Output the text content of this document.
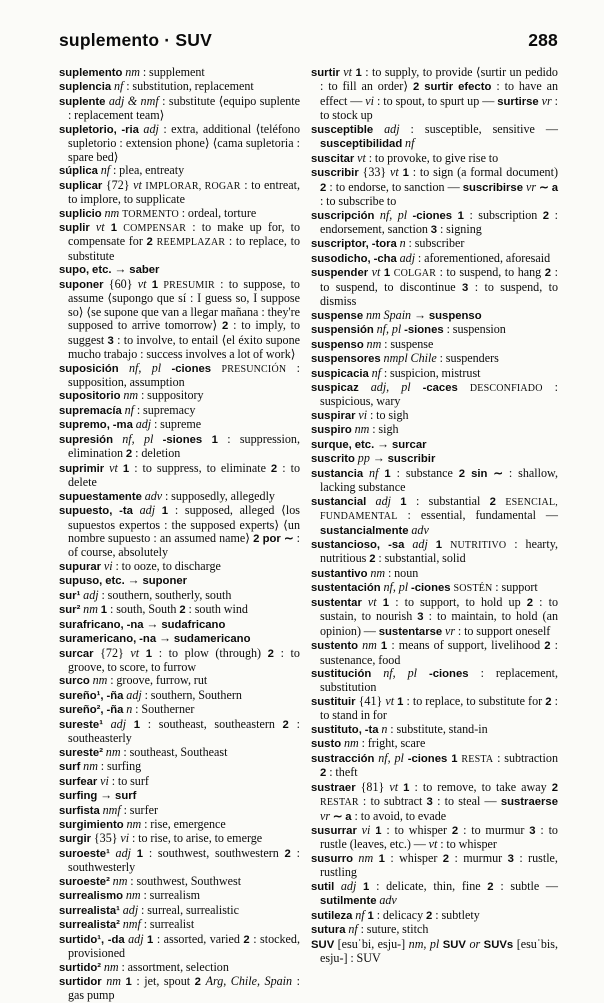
suplemento · SUV	288

suplemento nm : supplement

suplencia nf : substitution, replacement

suplente adj & nmf : substitute ⟨equipo suplente : replacement team⟩

supletorio, -ria adj : extra, additional ⟨teléfono supletorio : extension phone⟩ ⟨cama supletoria : spare bed⟩

súplica nf : plea, entreaty

suplicar {72} vt IMPLORAR, ROGAR : to entreat, to implore, to supplicate

suplicio nm TORMENTO : ordeal, torture

suplir vt 1 COMPENSAR : to make up for, to compensate for 2 REEMPLAZAR : to replace, to substitute

supo, etc. → saber

suponer {60} vt 1 PRESUMIR : to suppose, to assume ⟨supongo que sí : I guess so, I suppose so⟩ ⟨se supone que van a llegar mañana : they're supposed to arrive tomorrow⟩ 2 : to imply, to suggest 3 : to involve, to entail ⟨el éxito supone mucho trabajo : success involves a lot of work⟩

suposición nf, pl -ciones PRESUNCIÓN : supposition, assumption

supositorio nm : suppository

supremacía nf : supremacy

supremo, -ma adj : supreme

supresión nf, pl -siones 1 : suppression, elimination 2 : deletion

suprimir vt 1 : to suppress, to eliminate 2 : to delete

supuestamente adv : supposedly, allegedly

supuesto, -ta adj 1 : supposed, alleged ⟨los supuestos expertos : the supposed experts⟩ ⟨un nombre supuesto : an assumed name⟩ 2 por ∼ : of course, absolutely

supurar vi : to ooze, to discharge

supuso, etc. → suponer

sur¹ adj : southern, southerly, south

sur² nm 1 : south, South 2 : south wind

surafricano, -na → sudafricano

suramericano, -na → sudamericano

surcar {72} vt 1 : to plow (through) 2 : to groove, to score, to furrow

surco nm : groove, furrow, rut

sureño¹, -ña adj : southern, Southern

sureño², -ña n : Southerner

sureste¹ adj 1 : southeast, southeastern 2 : southeasterly

sureste² nm : southeast, Southeast

surf nm : surfing

surfear vi : to surf

surfing → surf

surfista nmf : surfer

surgimiento nm : rise, emergence

surgir {35} vi : to rise, to arise, to emerge

suroeste¹ adj 1 : southwest, southwestern 2 : southwesterly

suroeste² nm : southwest, Southwest

surrealismo nm : surrealism

surrealista¹ adj : surreal, surrealistic

surrealista² nmf : surrealist

surtido¹, -da adj 1 : assorted, varied 2 : stocked, provisioned

surtido² nm : assortment, selection

surtidor nm 1 : jet, spout 2 Arg, Chile, Spain : gas pump

surtir vt 1 : to supply, to provide ⟨surtir un pedido : to fill an order⟩ 2 surtir efecto : to have an effect — vi : to spout, to spurt up — surtirse vr : to stock up

susceptible adj : susceptible, sensitive — susceptibilidad nf

suscitar vt : to provoke, to give rise to

suscribir {33} vt 1 : to sign (a formal document) 2 : to endorse, to sanction — suscribirse vr ∼ a : to subscribe to

suscripción nf, pl -ciones 1 : subscription 2 : endorsement, sanction 3 : signing

suscriptor, -tora n : subscriber

susodicho, -cha adj : aforementioned, aforesaid

suspender vt 1 COLGAR : to suspend, to hang 2 : to suspend, to discontinue 3 : to suspend, to dismiss

suspense nm Spain → suspenso

suspensión nf, pl -siones : suspension

suspenso nm : suspense

suspensores nmpl Chile : suspenders

suspicacia nf : suspicion, mistrust

suspicaz adj, pl -caces DESCONFIADO : suspicious, wary

suspirar vi : to sigh

suspiro nm : sigh

surque, etc. → surcar

suscrito pp → suscribir

sustancia nf 1 : substance 2 sin ∼ : shallow, lacking substance

sustancial adj 1 : substantial 2 ESENCIAL, FUNDAMENTAL : essential, fundamental — sustancialmente adv

sustancioso, -sa adj 1 NUTRITIVO : hearty, nutritious 2 : substantial, solid

sustantivo nm : noun

sustentación nf, pl -ciones SOSTÉN : support

sustentar vt 1 : to support, to hold up 2 : to sustain, to nourish 3 : to maintain, to hold (an opinion) — sustentarse vr : to support oneself

sustento nm 1 : means of support, livelihood 2 : sustenance, food

sustitución nf, pl -ciones : replacement, substitution

sustituir {41} vt 1 : to replace, to substitute for 2 : to stand in for

sustituto, -ta n : substitute, stand-in

susto nm : fright, scare

sustracción nf, pl -ciones 1 RESTA : subtraction 2 : theft

sustraer {81} vt 1 : to remove, to take away 2 RESTAR : to subtract 3 : to steal — sustraerse vr ∼ a : to avoid, to evade

susurrar vi 1 : to whisper 2 : to murmur 3 : to rustle (leaves, etc.) — vt : to whisper

susurro nm 1 : whisper 2 : murmur 3 : rustle, rustling

sutil adj 1 : delicate, thin, fine 2 : subtle — sutilmente adv

sutileza nf 1 : delicacy 2 : subtlety

sutura nf : suture, stitch

SUV [esuˈbi, esju-] nm, pl SUV or SUVs [esuˈbis, esju-] : SUV
